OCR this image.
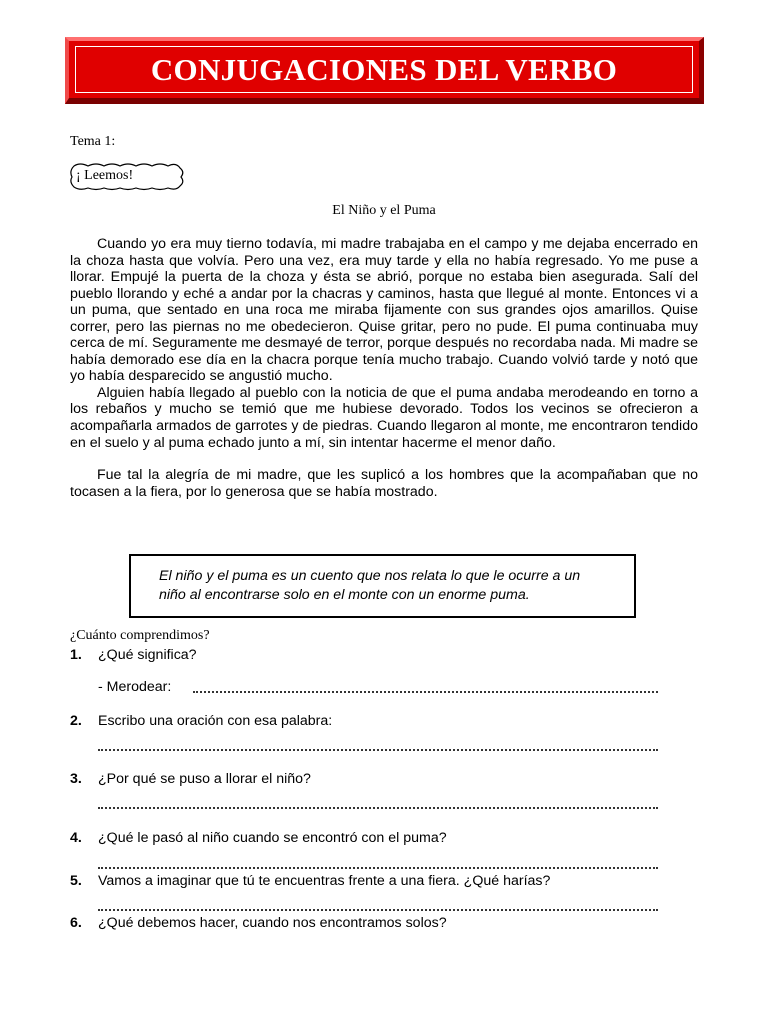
CONJUGACIONES DEL VERBO
Tema 1:
¡ Leemos!
El Niño y el Puma

Cuando yo era muy tierno todavía, mi madre trabajaba en el campo y me dejaba encerrado en la choza hasta que volvía. Pero una vez, era muy tarde y ella no había regresado. Yo me puse a llorar. Empujé la puerta de la choza y ésta se abrió, porque no estaba bien asegurada. Salí del pueblo llorando y eché a andar por la chacras y caminos, hasta que llegué al monte. Entonces vi a un puma, que sentado en una roca me miraba fijamente con sus grandes ojos amarillos. Quise correr, pero las piernas no me obedecieron. Quise gritar, pero no pude. El puma continuaba muy cerca de mí. Seguramente me desmayé de terror, porque después no recordaba nada. Mi madre se había demorado ese día en la chacra porque tenía mucho trabajo. Cuando volvió tarde y notó que yo había desparecido se angustió mucho.

Alguien había llegado al pueblo con la noticia de que el puma andaba merodeando en torno a los rebaños y mucho se temió que me hubiese devorado. Todos los vecinos se ofrecieron a acompañarla armados de garrotes y de piedras. Cuando llegaron al monte, me encontraron tendido en el suelo y al puma echado junto a mí, sin intentar hacerme el menor daño.

Fue tal la alegría de mi madre, que les suplicó a los hombres que la acompañaban que no tocasen a la fiera, por lo generosa que se había mostrado.

El niño y el puma es un cuento que nos relata lo que le ocurre a un niño al encontrarse solo en el monte con un enorme puma.
¿Cuánto comprendimos?
1. ¿Qué significa?
- Merodear:
2. Escribo una oración con esa palabra:
3. ¿Por qué se puso a llorar el niño?
4. ¿Qué le pasó al niño cuando se encontró con el puma?
5. Vamos a imaginar que tú te encuentras frente a una fiera. ¿Qué harías?
6. ¿Qué debemos hacer, cuando nos encontramos solos?
